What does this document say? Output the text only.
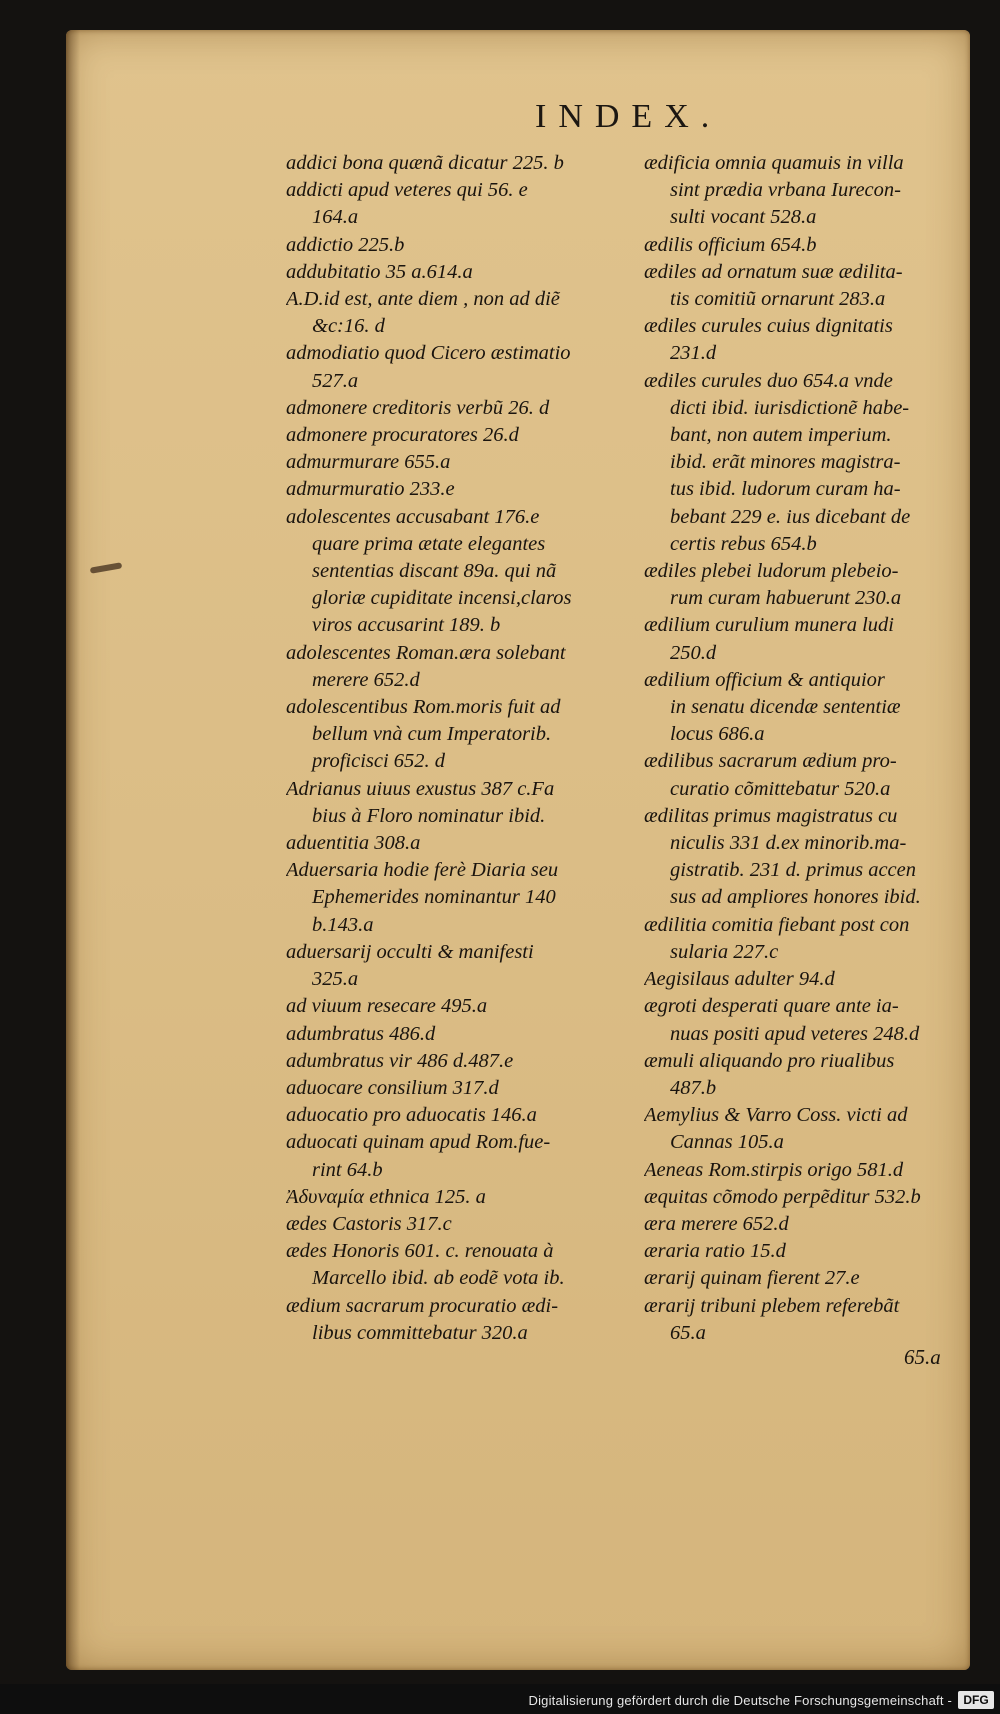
INDEX.
addici bona quænã dicatur 225. b
addicti apud veteres qui 56. e
164.a
addictio 225.b
addubitatio 35 a.614.a
A.D.id est, ante diem , non ad diẽ
&c:16. d
admodiatio quod Cicero æstimatio
527.a
admonere creditoris verbũ 26. d
admonere procuratores 26.d
admurmurare 655.a
admurmuratio 233.e
adolescentes accusabant 176.e
quare prima ætate elegantes
sententias discant 89a. qui nã
gloriæ cupiditate incensi,claros
viros accusarint 189. b
adolescentes Roman.æra solebant
merere 652.d
adolescentibus Rom.moris fuit ad
bellum vnà cum Imperatorib.
proficisci 652. d
Adrianus uiuus exustus 387 c.Fa
bius à Floro nominatur ibid.
aduentitia 308.a
Aduersaria hodie ferè Diaria seu
Ephemerides nominantur 140
b.143.a
aduersarij occulti & manifesti
325.a
ad viuum resecare 495.a
adumbratus 486.d
adumbratus vir 486 d.487.e
aduocare consilium 317.d
aduocatio pro aduocatis 146.a
aduocati quinam apud Rom.fue-
rint 64.b
Ἀδυναμία ethnica 125. a
ædes Castoris 317.c
ædes Honoris 601. c. renouata à
Marcello ibid. ab eodẽ vota ib.
ædium sacrarum procuratio ædi-
libus committebatur 320.a
ædificia omnia quamuis in villa
sint prædia vrbana Iurecon-
sulti vocant 528.a
ædilis officium 654.b
ædiles ad ornatum suæ ædilita-
tis comitiũ ornarunt 283.a
ædiles curules cuius dignitatis
231.d
ædiles curules duo 654.a vnde
dicti ibid. iurisdictionẽ habe-
bant, non autem imperium.
ibid. erãt minores magistra-
tus ibid. ludorum curam ha-
bebant 229 e. ius dicebant de
certis rebus 654.b
ædiles plebei ludorum plebeio-
rum curam habuerunt 230.a
ædilium curulium munera ludi
250.d
ædilium officium & antiquior
in senatu dicendæ sententiæ
locus 686.a
ædilibus sacrarum ædium pro-
curatio cõmittebatur 520.a
ædilitas primus magistratus cu
niculis 331 d.ex minorib.ma-
gistratib. 231 d. primus accen
sus ad ampliores honores ibid.
ædilitia comitia fiebant post con
sularia 227.c
Aegisilaus adulter 94.d
ægroti desperati quare ante ia-
nuas positi apud veteres 248.d
æmuli aliquando pro riualibus
487.b
Aemylius & Varro Coss. victi ad
Cannas 105.a
Aeneas Rom.stirpis origo 581.d
æquitas cõmodo perpẽditur 532.b
æra merere 652.d
æraria ratio 15.d
ærarij quinam fierent 27.e
ærarij tribuni plebem referebãt
65.a
65.a
Digitalisierung gefördert durch die Deutsche Forschungsgemeinschaft - DFG
